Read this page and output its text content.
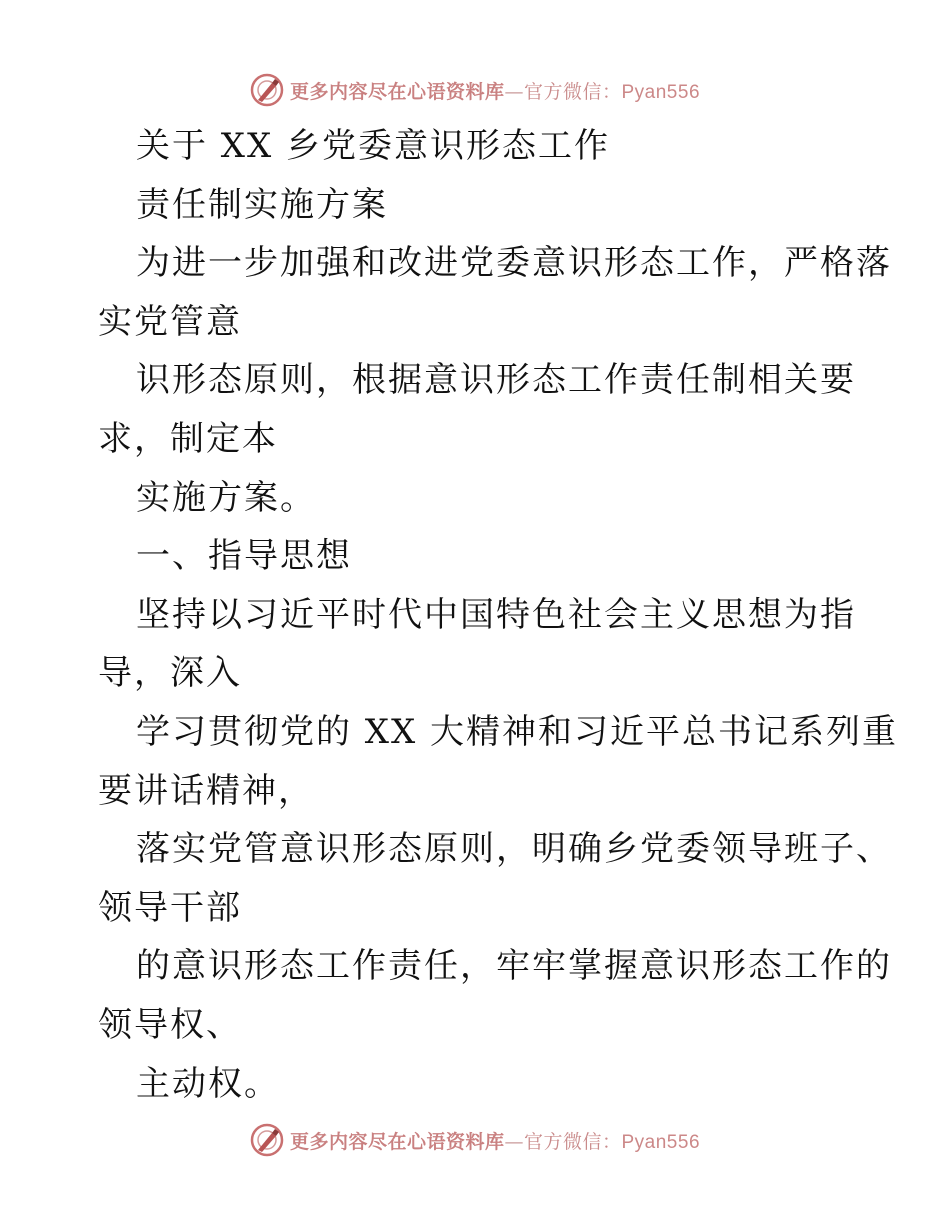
更多内容尽在心语资料库—官方微信：Pyan556
关于 XX 乡党委意识形态工作
责任制实施方案
为进一步加强和改进党委意识形态工作，严格落
实党管意
识形态原则，根据意识形态工作责任制相关要
求，制定本
实施方案。
一、指导思想
坚持以习近平时代中国特色社会主义思想为指
导，深入
学习贯彻党的 XX 大精神和习近平总书记系列重
要讲话精神，
落实党管意识形态原则，明确乡党委领导班子、
领导干部
的意识形态工作责任，牢牢掌握意识形态工作的
领导权、
主动权。
更多内容尽在心语资料库—官方微信：Pyan556
